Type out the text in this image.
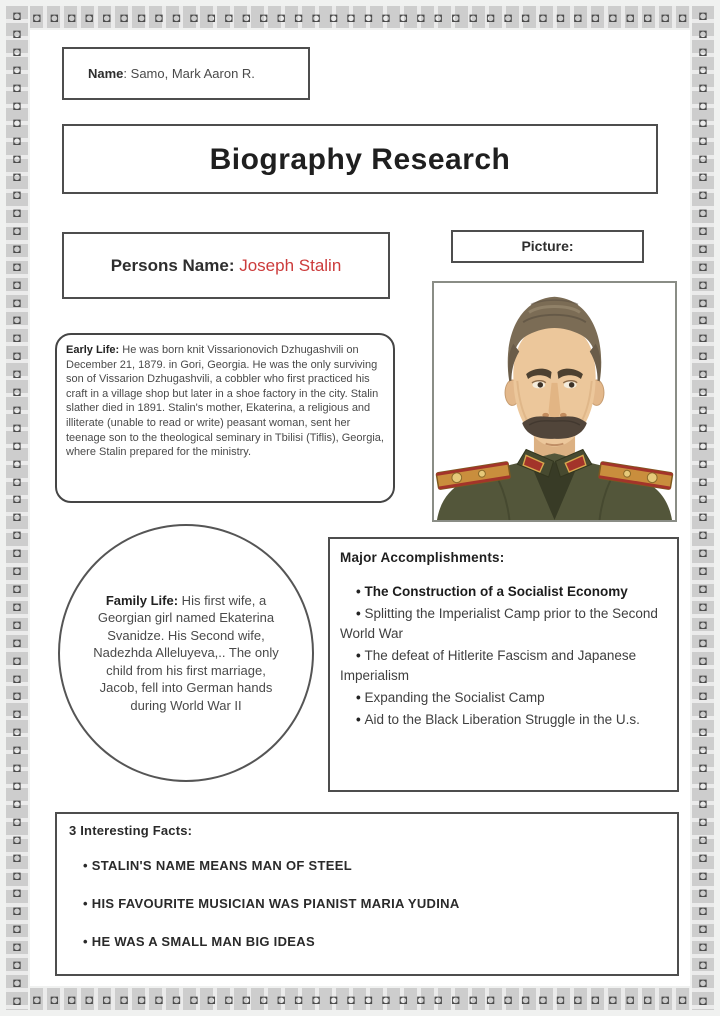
◘ ◘ ◘ ◘ ◘ ◘ ◘ ◘ ◘ ◘ ◘ ◘ ◘ ◘ ◘ ◘ ◘ ◘ ◘ ◘ ◘ ◘ ◘ ◘ ◘ ◘ ◘ ◘ ◘ ◘ ◘ ◘ ◘ ◘ ◘ ◘ ◘ ◘
◘ ◘ ◘ ◘ ◘ ◘ ◘ ◘ ◘ ◘ ◘ ◘ ◘ ◘ ◘ ◘ ◘ ◘ ◘ ◘ ◘ ◘ ◘ ◘ ◘ ◘ ◘ ◘ ◘ ◘ ◘ ◘ ◘ ◘ ◘ ◘ ◘ ◘
◘
◘
◘
◘
◘
◘
◘
◘
◘
◘
◘
◘
◘
◘
◘
◘
◘
◘
◘
◘
◘
◘
◘
◘
◘
◘
◘
◘
◘
◘
◘
◘
◘
◘
◘
◘
◘
◘
◘
◘
◘
◘
◘
◘
◘
◘
◘
◘
◘
◘
◘
◘
◘
◘
◘
◘
◘
◘
◘
◘
◘
◘
◘
◘
◘
◘
◘
◘
◘
◘
◘
◘
◘
◘
◘
◘
◘
◘
◘
◘
◘
◘
◘
◘
◘
◘
◘
◘
◘
◘
◘
◘
◘
◘
◘
◘
◘
◘
◘
◘
◘
◘
◘
◘
◘
◘
◘
◘
◘
◘
◘
◘
Name: Samo, Mark Aaron R.
Biography Research
Persons Name: Joseph Stalin
Picture:
Early Life: He was born knit Vissarionovich Dzhugashvili on December 21, 1879. in Gori, Georgia. He was the only surviving son of Vissarion Dzhugashvili, a cobbler who first practiced his craft in a village shop but later in a shoe factory in the city. Stalin slather died in 1891. Stalin's mother, Ekaterina, a religious and illiterate (unable to read or write) peasant woman, sent her teenage son to the theological seminary in Tbilisi (Tiflis), Georgia, where Stalin prepared for the ministry.
Family Life: His first wife, a Georgian girl named Ekaterina Svanidze. His Second wife, Nadezhda Alleluyeva,.. The only child from his first marriage, Jacob, fell into German hands during World War II
Major Accomplishments:
• The Construction of a Socialist Economy
• Splitting the Imperialist Camp prior to the Second World War
• The defeat of Hitlerite Fascism and Japanese Imperialism
• Expanding the Socialist Camp
• Aid to the Black Liberation Struggle in the U.s.
3 Interesting Facts:
• STALIN'S NAME MEANS MAN OF STEEL
• HIS FAVOURITE MUSICIAN WAS PIANIST MARIA YUDINA
• HE WAS A SMALL MAN BIG IDEAS
